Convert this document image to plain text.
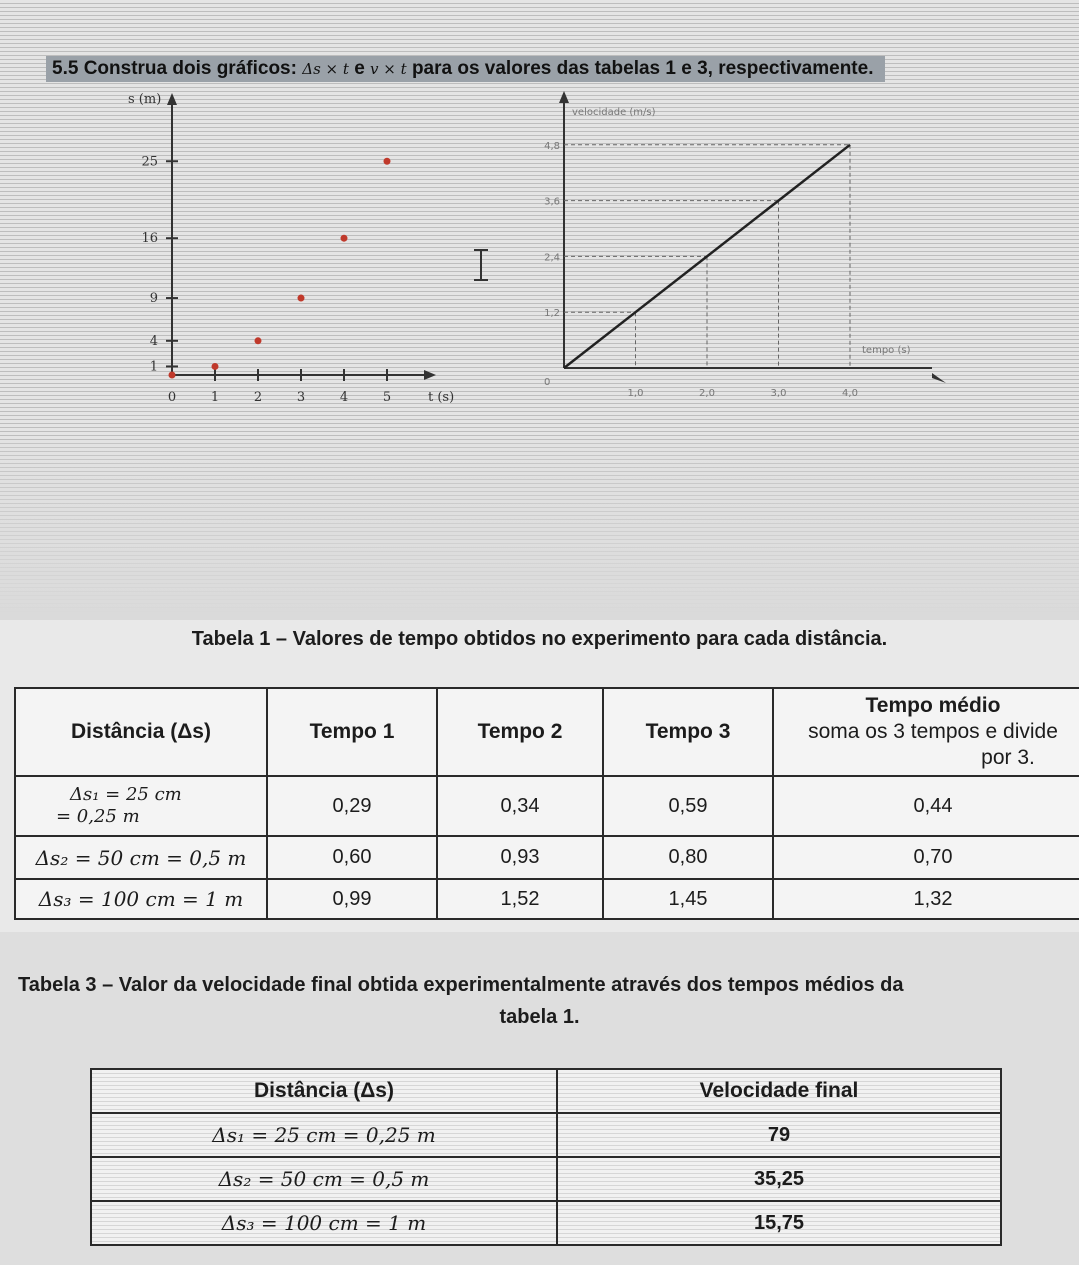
5.5 Construa dois gráficos: Δs × t e v × t para os valores das tabelas 1 e 3, respectivamente.
s (m)
t (s)
1
4
9
16
25
0	1	2	3	4	5
velocidade (m/s)
tempo (s)
0
1,2
2,4
3,6
4,8
1,0	2,0	3,0	4,0
Tabela 1 – Valores de tempo obtidos no experimento para cada distância.
Distância (Δs)	Tempo 1	Tempo 2	Tempo 3	Tempo médio
soma os 3 tempos e divide
por 3.

Δs₁ = 25 cm
= 0,25 m	0,29	0,34	0,59	0,44
Δs₂ = 50 cm = 0,5 m	0,60	0,93	0,80	0,70
Δs₃ = 100 cm = 1 m	0,99	1,52	1,45	1,32
Tabela 3 – Valor da velocidade final obtida experimentalmente através dos tempos médios da
tabela 1.
Distância (Δs)	Velocidade final
Δs₁ = 25 cm = 0,25 m	79
Δs₂ = 50 cm = 0,5 m	35,25
Δs₃ = 100 cm = 1 m	15,75
